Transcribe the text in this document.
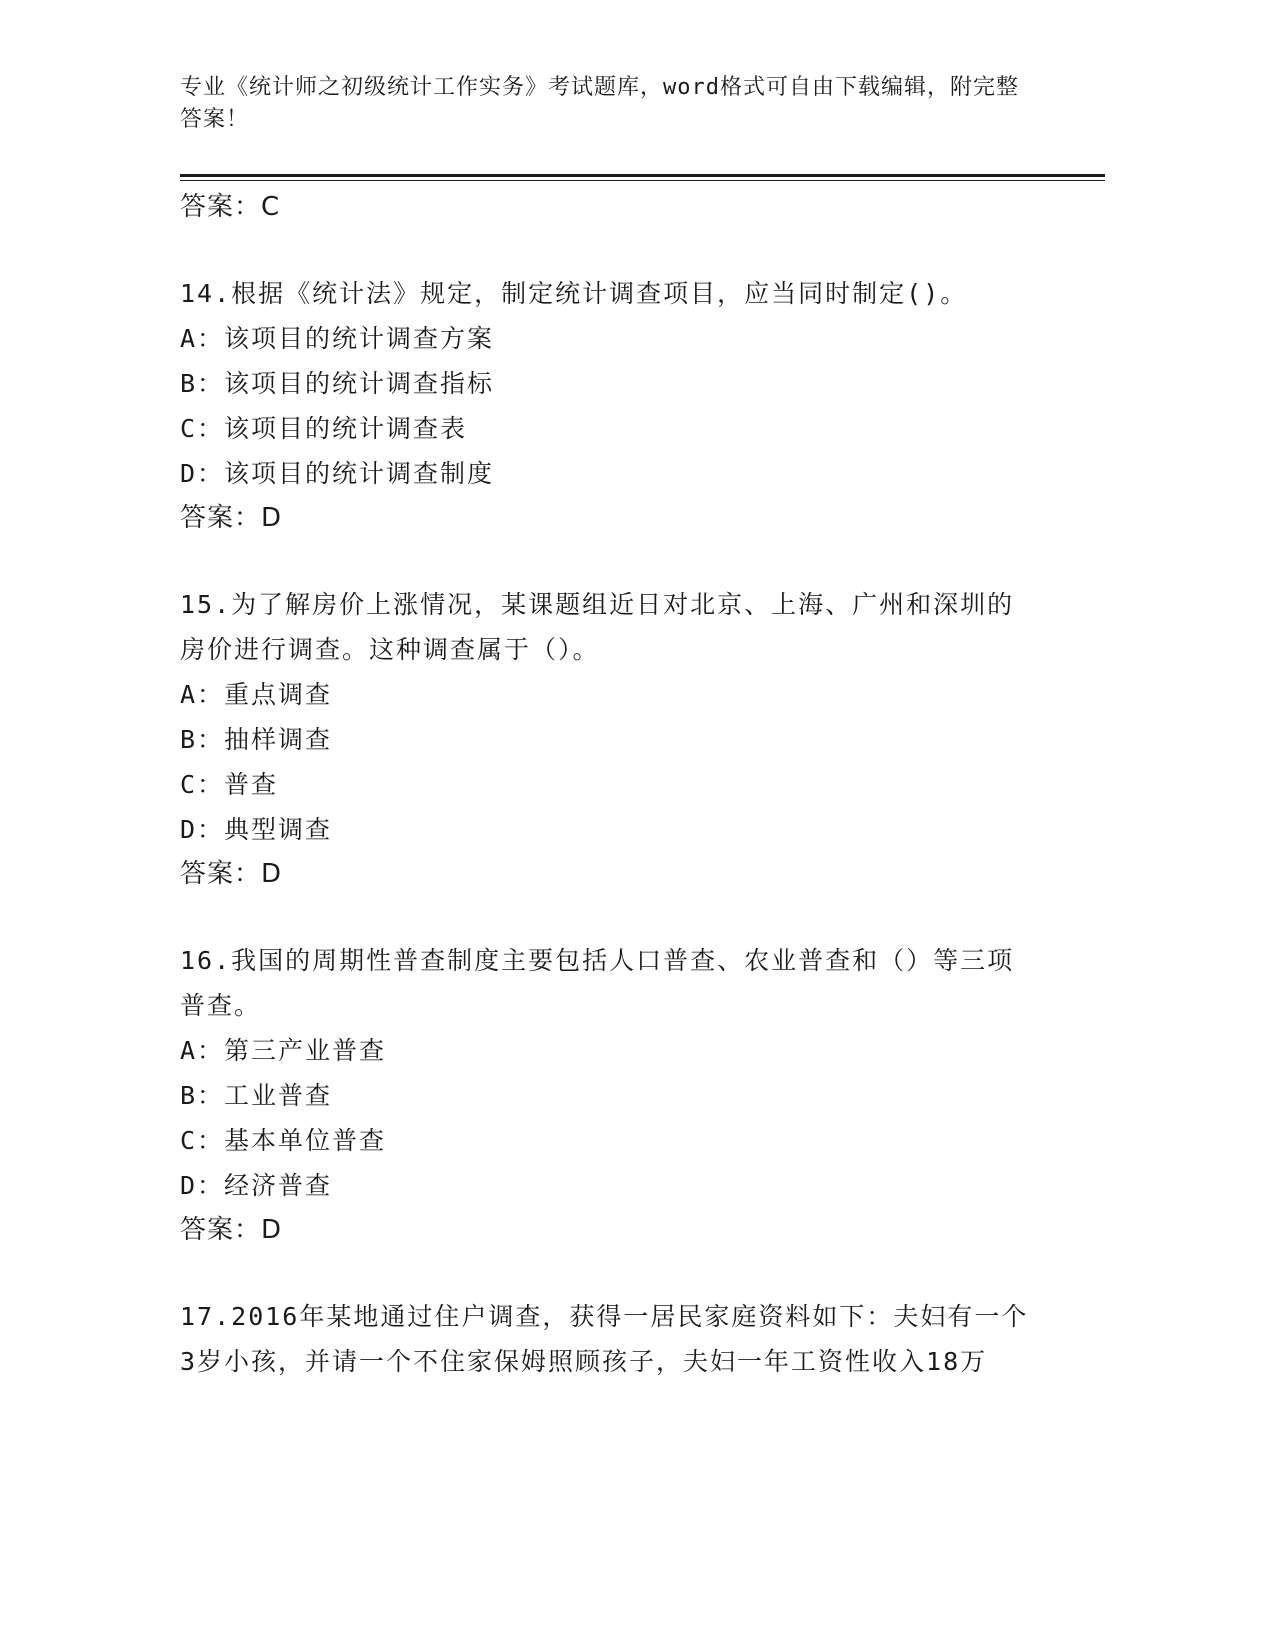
专业《统计师之初级统计工作实务》考试题库，word格式可自由下载编辑，附完整答案！
答案：C
14.根据《统计法》规定，制定统计调查项目，应当同时制定()。
A：该项目的统计调查方案
B：该项目的统计调查指标
C：该项目的统计调查表
D：该项目的统计调查制度
答案：D
15.为了解房价上涨情况，某课题组近日对北京、上海、广州和深圳的
房价进行调查。这种调查属于（）。
A：重点调查
B：抽样调查
C：普查
D：典型调查
答案：D
16.我国的周期性普查制度主要包括人口普查、农业普查和（）等三项
普查。
A：第三产业普查
B：工业普查
C：基本单位普查
D：经济普查
答案：D
17.2016年某地通过住户调查，获得一居民家庭资料如下：夫妇有一个
3岁小孩，并请一个不住家保姆照顾孩子，夫妇一年工资性收入18万
